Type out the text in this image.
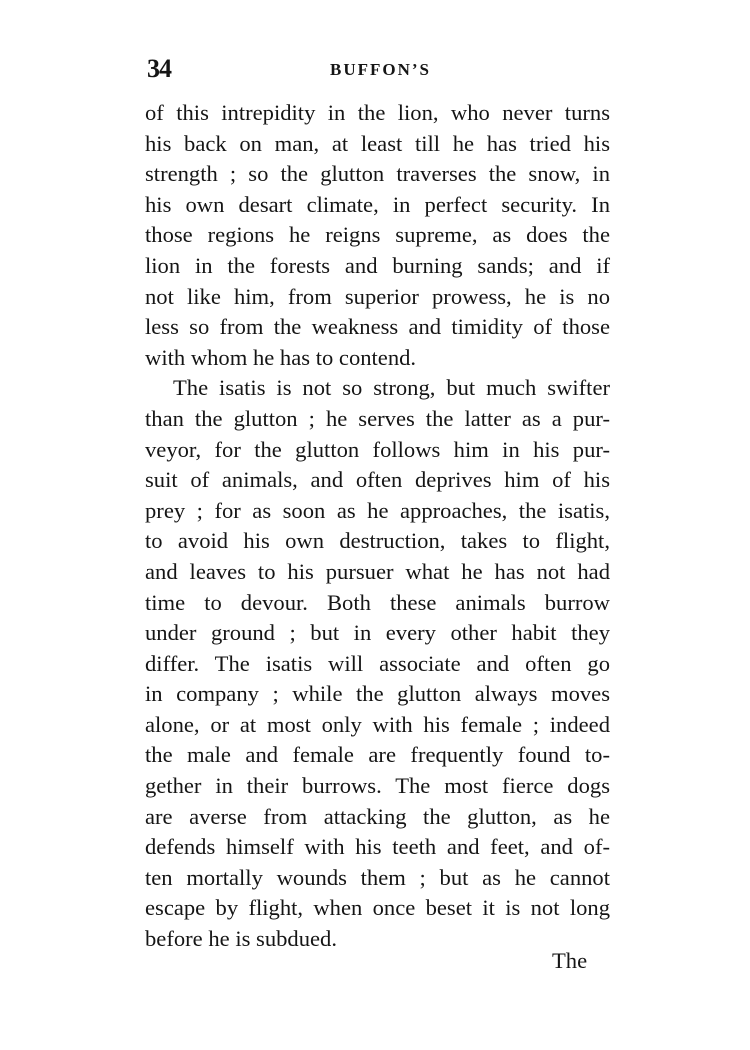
34	BUFFON’S
of this intrepidity in the lion, who never turns
his back on man, at least till he has tried his
strength ; so the glutton traverses the snow, in
his own desart climate, in perfect security. In
those regions he reigns supreme, as does the
lion in the forests and burning sands; and if
not like him, from superior prowess, he is no
less so from the weakness and timidity of those
with whom he has to contend.
The isatis is not so strong, but much swifter
than the glutton ; he serves the latter as a pur-
veyor, for the glutton follows him in his pur-
suit of animals, and often deprives him of his
prey ; for as soon as he approaches, the isatis,
to avoid his own destruction, takes to flight,
and leaves to his pursuer what he has not had
time to devour. Both these animals burrow
under ground ; but in every other habit they
differ. The isatis will associate and often go
in company ; while the glutton always moves
alone, or at most only with his female ; indeed
the male and female are frequently found to-
gether in their burrows. The most fierce dogs
are averse from attacking the glutton, as he
defends himself with his teeth and feet, and of-
ten mortally wounds them ; but as he cannot
escape by flight, when once beset it is not long
before he is subdued.
The
